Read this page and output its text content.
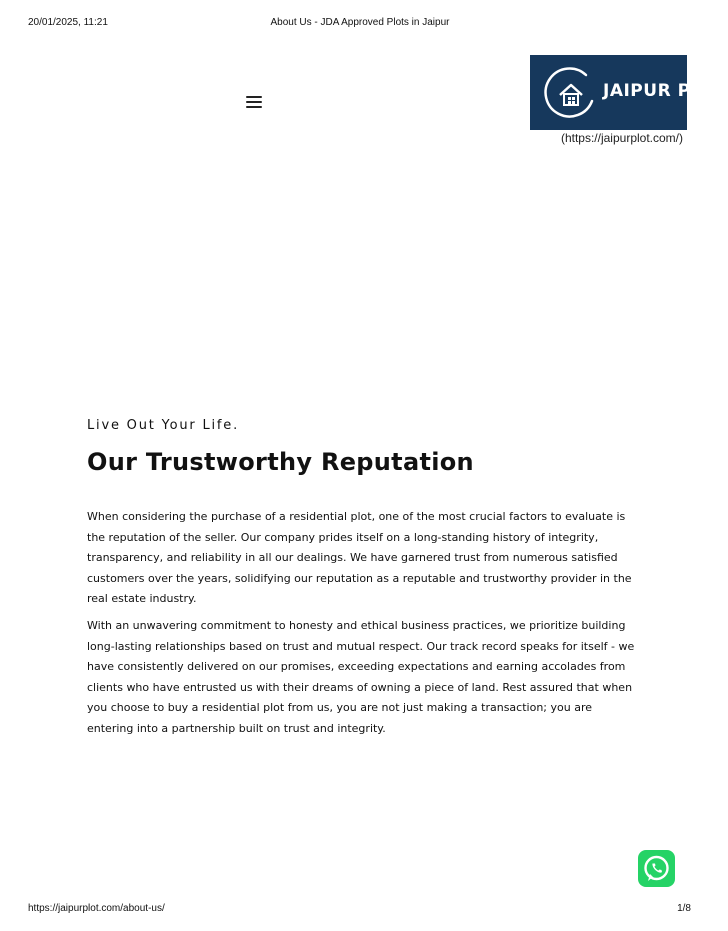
20/01/2025, 11:21	About Us - JDA Approved Plots in Jaipur
JAIPUR PLOT
(https://jaipurplot.com/)
Live Out Your Life.
Our Trustworthy Reputation

When considering the purchase of a residential plot, one of the most crucial factors to evaluate is the reputation of the seller. Our company prides itself on a long-standing history of integrity, transparency, and reliability in all our dealings. We have garnered trust from numerous satisfied customers over the years, solidifying our reputation as a reputable and trustworthy provider in the real estate industry.

With an unwavering commitment to honesty and ethical business practices, we prioritize building long-lasting relationships based on trust and mutual respect. Our track record speaks for itself - we have consistently delivered on our promises, exceeding expectations and earning accolades from clients who have entrusted us with their dreams of owning a piece of land. Rest assured that when you choose to buy a residential plot from us, you are not just making a transaction; you are entering into a partnership built on trust and integrity.

https://jaipurplot.com/about-us/	1/8
